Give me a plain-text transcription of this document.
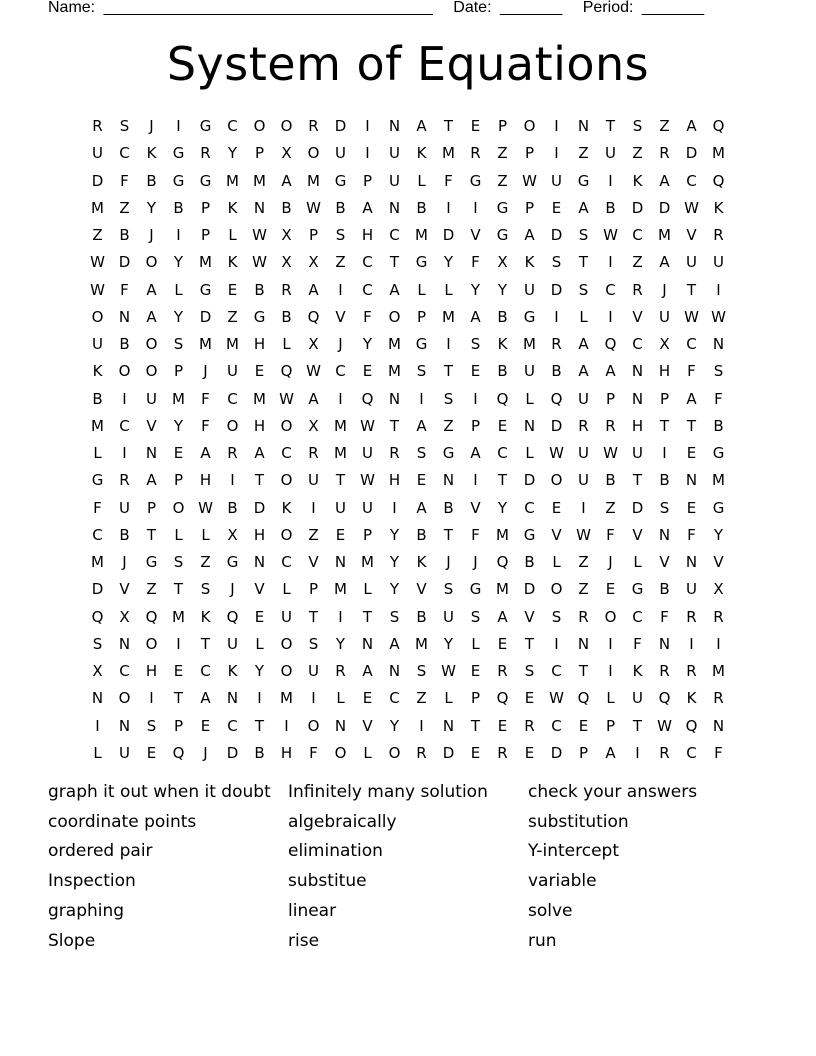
Name: _____________________________________ Date: _______ Period: _______
System of Equations
R	S	J	I	G	C	O	O	R	D	I	N	A	T	E	P	O	I	N	T	S	Z	A	Q
U	C	K	G	R	Y	P	X	O	U	I	U	K	M	R	Z	P	I	Z	U	Z	R	D M
D	F	B	G	G M M	A	M G	P	U	L	F	G	Z W U	G	I	K	A	C	Q
M	Z	Y	B	P	K	N	B W B	A	N	B	I	I	G	P	E	A	B	D	D W K
Z	B	J	I	P	L	W X	P	S	H	C	M D	V	G	A	D	S W C	M	V	R
W D	O	Y	M	K W X	X	Z	C	T	G	Y	F	X	K	S	T	I	Z	A	U	U
W	F	A	L	G	E	B	R	A	I	C	A	L	L	Y	Y	U	D	S	C	R	J	T	I
O	N	A	Y	D	Z	G	B	Q	V	F	O	P	M	A	B	G	I	L	I	V	U W W
U	B	O	S	M M H	L	X	J	Y	M G	I	S	K	M	R	A	Q	C	X	C	N
K	O	O	P	J	U	E	Q W C	E	M	S	T	E	B	U	B	A	A	N	H	F	S
B	I	U	M	F	C	M W A	I	Q	N	I	S	I	Q	L	Q	U	P	N	P	A	F
M	C	V	Y	F	O	H	O	X	M W T	A	Z	P	E	N	D	R	R	H	T	T	B
L	I	N	E	A	R	A	C	R	M	U	R	S	G	A	C	L	W U W U	I	E	G
G	R	A	P	H	I	T	O	U	T	W H	E	N	I	T	D	O	U	B	T	B	N M
F	U	P	O W B	D	K	I	U	U	I	A	B	V	Y	C	E	I	Z	D	S	E	G
C	B	T	L	L	X	H	O	Z	E	P	Y	B	T	F	M G	V W	F	V	N	F	Y
M	J	G	S	Z	G	N	C	V	N M	Y	K	J	J	Q	B	L	Z	J	L	V	N	V
D	V	Z	T	S	J	V	L	P	M	L	Y	V	S	G M D	O	Z	E	G	B	U	X
Q	X	Q M	K	Q	E	U	T	I	T	S	B	U	S	A	V	S	R	O	C	F	R	R
S	N	O	I	T	U	L	O	S	Y	N	A	M	Y	L	E	T	I	N	I	F	N	I	I
X	C	H	E	C	K	Y	O	U	R	A	N	S W E	R	S	C	T	I	K	R	R	M
N	O	I	T	A	N	I	M	I	L	E	C	Z	L	P	Q	E W Q	L	U	Q	K	R
I	N	S	P	E	C	T	I	O	N	V	Y	I	N	T	E	R	C	E	P	T	W Q	N
L	U	E	Q	J	D	B	H	F	O	L	O	R	D	E	R	E	D	P	A	I	R	C	F
graph it out when it doubt	Infinitely many solution	check your answers
coordinate points	algebraically	substitution
ordered pair	elimination	Y-intercept
Inspection	substitue	variable
graphing	linear	solve
Slope	rise	run
